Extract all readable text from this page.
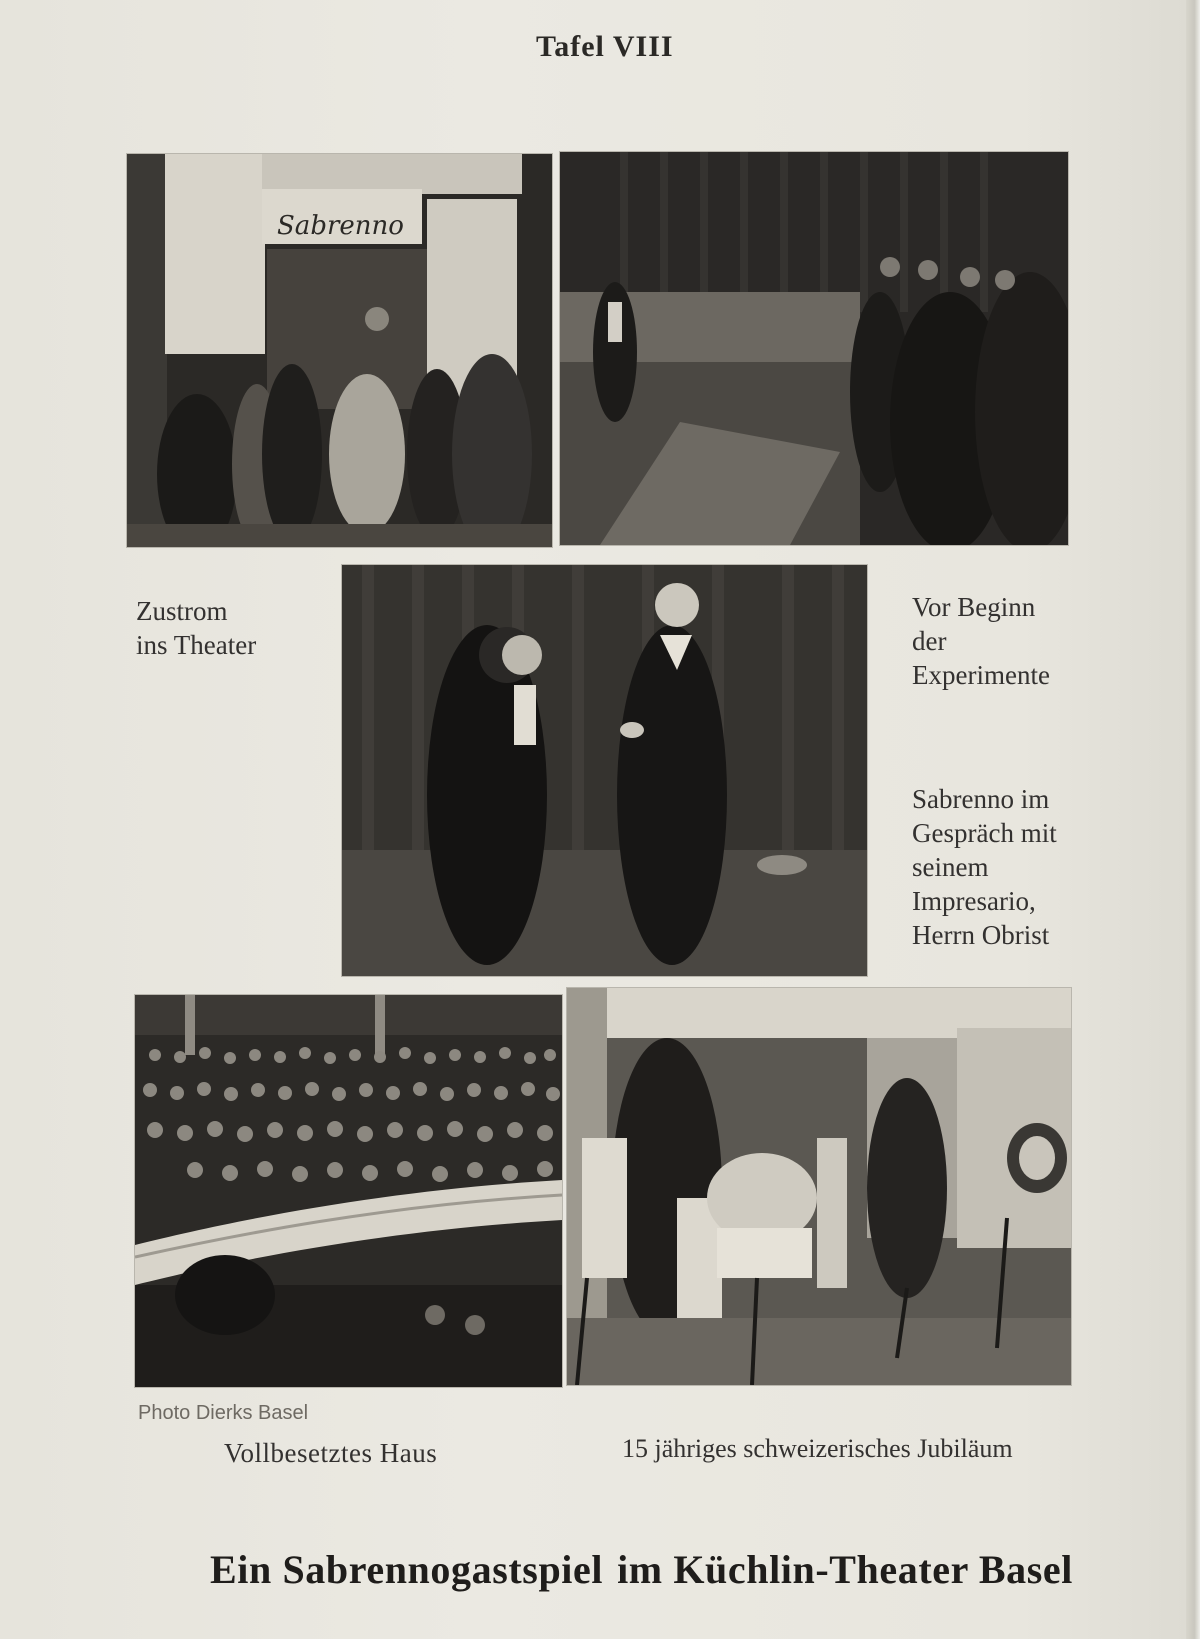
Tafel VIII
Sabrenno
Zustrom
ins Theater
Vor Beginn
der
Experimente
Sabrenno im
Gespräch mit
seinem
Impresario,
Herrn Obrist
Photo Dierks Basel
Vollbesetztes Haus	15 jähriges schweizerisches Jubiläum
Ein Sabrennogastspiel im Küchlin-Theater Basel
